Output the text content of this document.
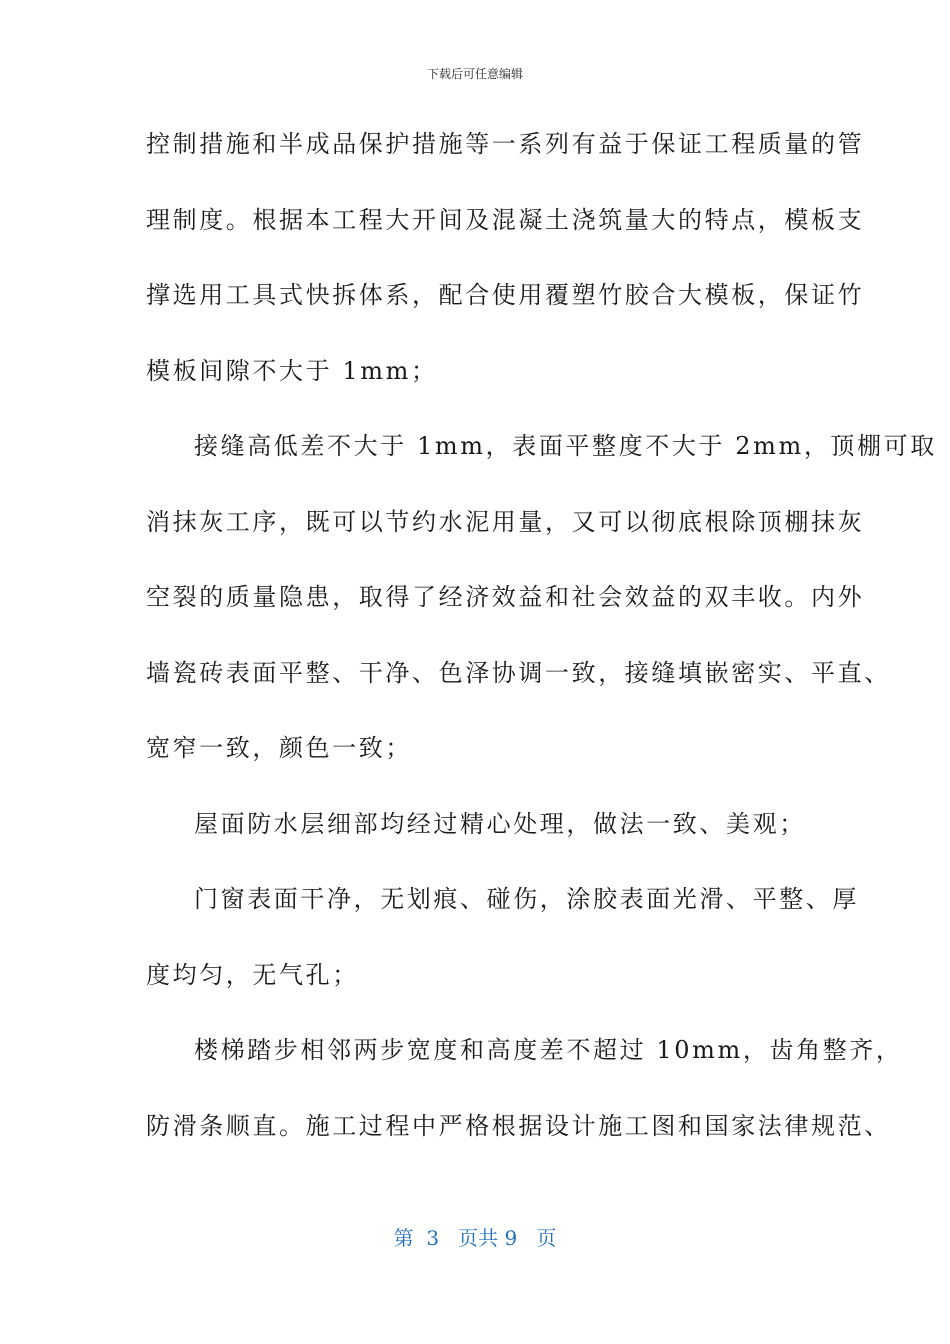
下载后可任意编辑
控制措施和半成品保护措施等一系列有益于保证工程质量的管
理制度。根据本工程大开间及混凝土浇筑量大的特点，模板支
撑选用工具式快拆体系，配合使用覆塑竹胶合大模板，保证竹
模板间隙不大于 1mm；
接缝高低差不大于 1mm，表面平整度不大于 2mm，顶棚可取
消抹灰工序，既可以节约水泥用量，又可以彻底根除顶棚抹灰
空裂的质量隐患，取得了经济效益和社会效益的双丰收。内外
墙瓷砖表面平整、干净、色泽协调一致，接缝填嵌密实、平直、
宽窄一致，颜色一致；
屋面防水层细部均经过精心处理，做法一致、美观；
门窗表面干净，无划痕、碰伤，涂胶表面光滑、平整、厚
度均匀，无气孔；
楼梯踏步相邻两步宽度和高度差不超过 10mm，齿角整齐，
防滑条顺直。施工过程中严格根据设计施工图和国家法律规范、
第  3   页共 9   页
